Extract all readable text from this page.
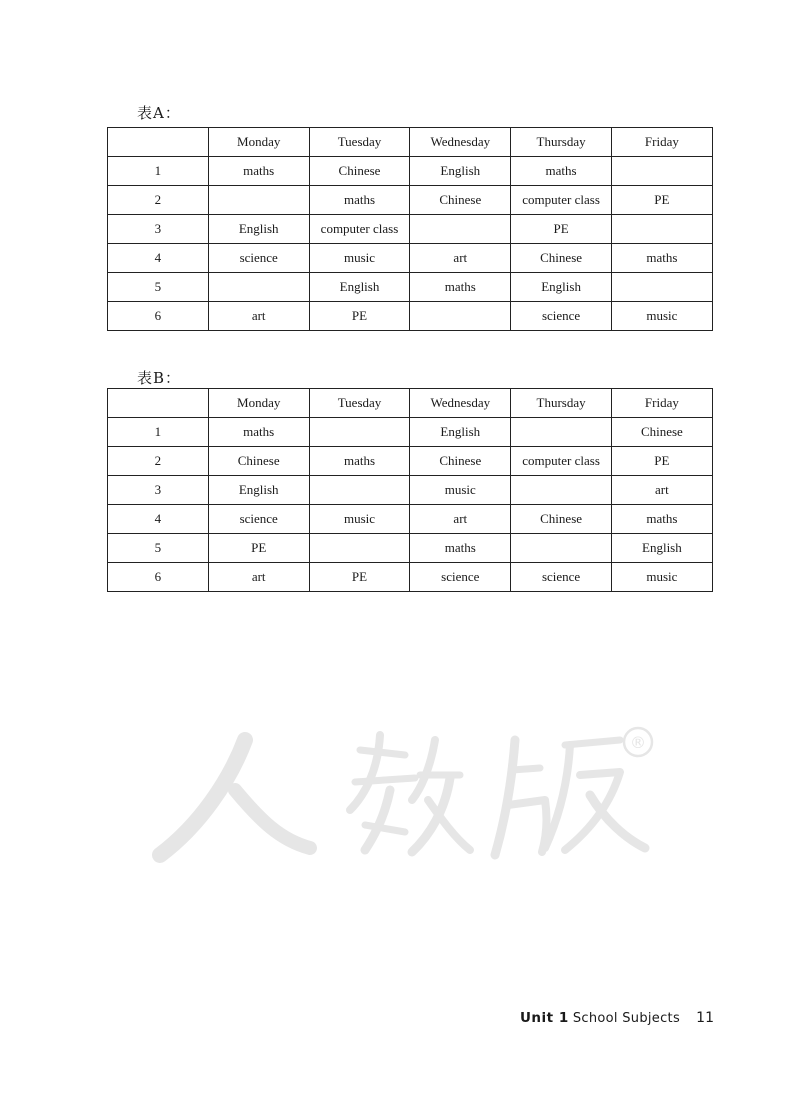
表A：
	Monday	Tuesday	Wednesday	Thursday	Friday
1	maths	Chinese	English	maths	
2		maths	Chinese	computer class	PE
3	English	computer class		PE	
4	science	music	art	Chinese	maths
5		English	maths	English	
6	art	PE		science	music
表B：
	Monday	Tuesday	Wednesday	Thursday	Friday
1	maths		English		Chinese
2	Chinese	maths	Chinese	computer class	PE
3	English		music		art
4	science	music	art	Chinese	maths
5	PE		maths		English
6	art	PE	science	science	music
®
Unit 1 School Subjects 11
